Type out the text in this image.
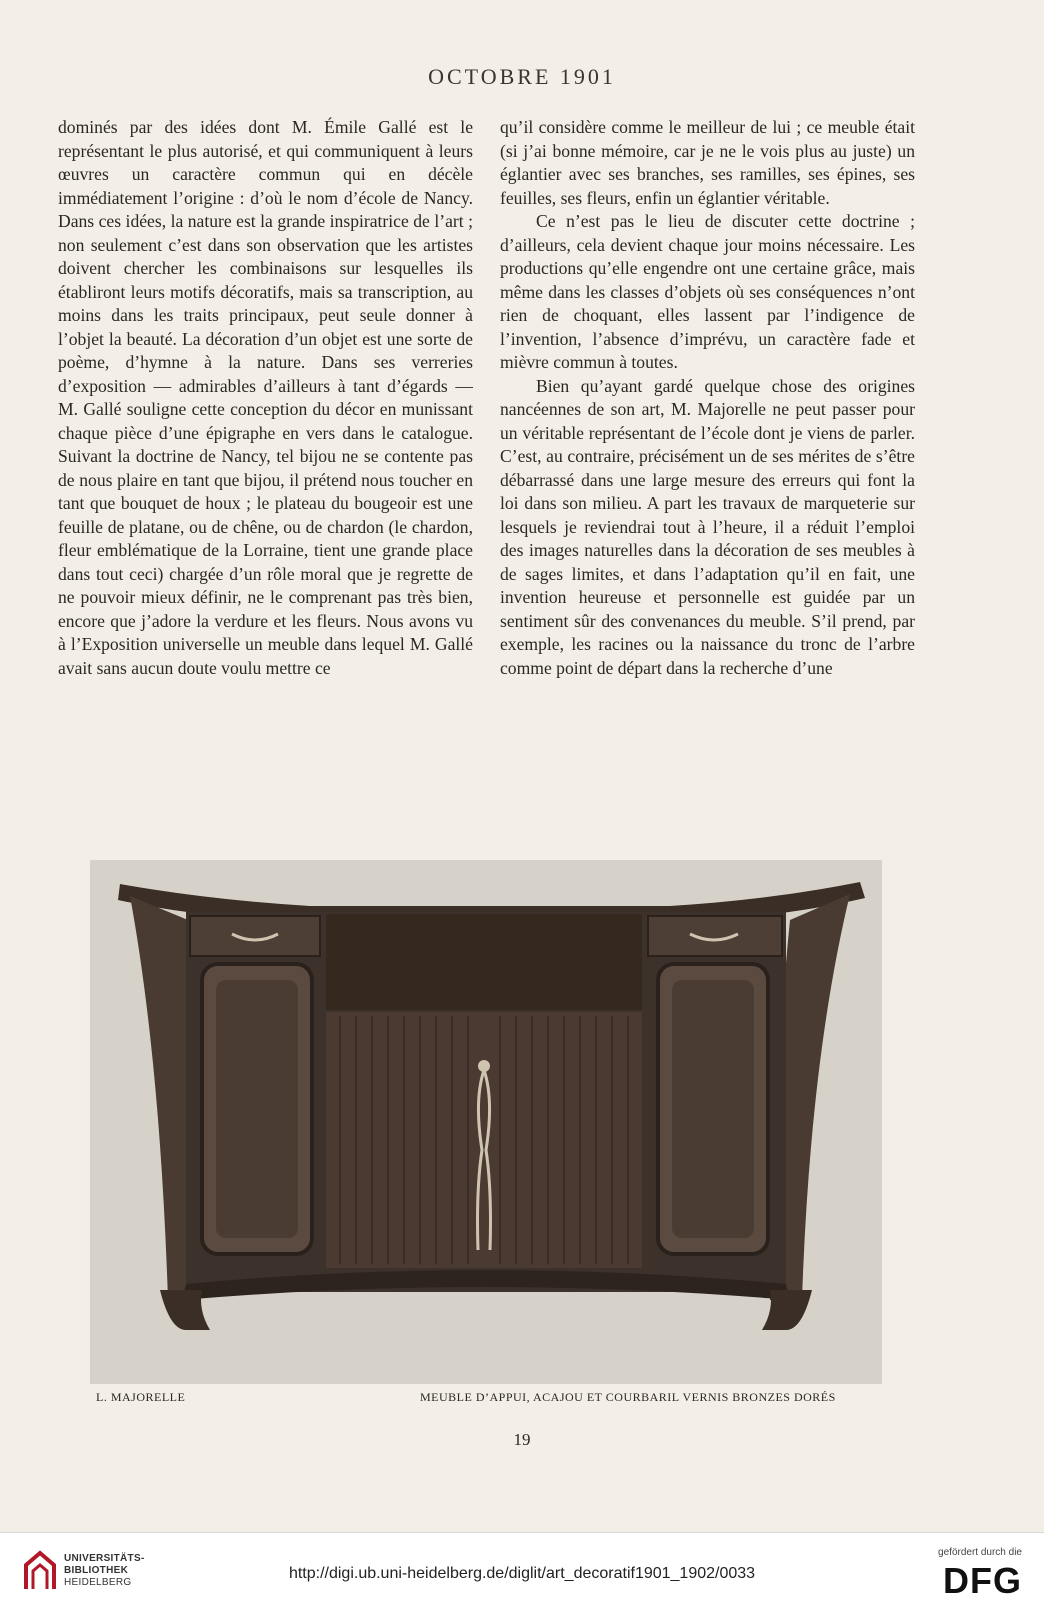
OCTOBRE 1901

dominés par des idées dont M. Émile Gallé est le représentant le plus autorisé, et qui communiquent à leurs œuvres un caractère commun qui en décèle immédiatement l’origine : d’où le nom d’école de Nancy. Dans ces idées, la nature est la grande inspiratrice de l’art ; non seulement c’est dans son observation que les artistes doivent chercher les combinaisons sur lesquelles ils établiront leurs motifs décoratifs, mais sa transcription, au moins dans les traits principaux, peut seule donner à l’objet la beauté. La décoration d’un objet est une sorte de poème, d’hymne à la nature. Dans ses verreries d’exposition — admirables d’ailleurs à tant d’égards — M. Gallé souligne cette conception du décor en munissant chaque pièce d’une épigraphe en vers dans le catalogue. Suivant la doctrine de Nancy, tel bijou ne se contente pas de nous plaire en tant que bijou, il prétend nous toucher en tant que bouquet de houx ; le plateau du bougeoir est une feuille de platane, ou de chêne, ou de chardon (le chardon, fleur emblématique de la Lorraine, tient une grande place dans tout ceci) chargée d’un rôle moral que je regrette de ne pouvoir mieux définir, ne le comprenant pas très bien, encore que j’adore la verdure et les fleurs. Nous avons vu à l’Exposition universelle un meuble dans lequel M. Gallé avait sans aucun doute voulu mettre ce

qu’il considère comme le meilleur de lui ; ce meuble était (si j’ai bonne mémoire, car je ne le vois plus au juste) un églantier avec ses branches, ses ramilles, ses épines, ses feuilles, ses fleurs, enfin un églantier véritable.

Ce n’est pas le lieu de discuter cette doctrine ; d’ailleurs, cela devient chaque jour moins nécessaire. Les productions qu’elle engendre ont une certaine grâce, mais même dans les classes d’objets où ses conséquences n’ont rien de choquant, elles lassent par l’indigence de l’invention, l’absence d’imprévu, un caractère fade et mièvre commun à toutes.

Bien qu’ayant gardé quelque chose des origines nancéennes de son art, M. Majorelle ne peut passer pour un véritable représentant de l’école dont je viens de parler. C’est, au contraire, précisément un de ses mérites de s’être débarrassé dans une large mesure des erreurs qui font la loi dans son milieu. A part les travaux de marqueterie sur lesquels je reviendrai tout à l’heure, il a réduit l’emploi des images naturelles dans la décoration de ses meubles à de sages limites, et dans l’adaptation qu’il en fait, une invention heureuse et personnelle est guidée par un sentiment sûr des convenances du meuble. S’il prend, par exemple, les racines ou la naissance du tronc de l’arbre comme point de départ dans la recherche d’une

L. MAJORELLE	MEUBLE D’APPUI, ACAJOU ET COURBARIL VERNIS BRONZES DORÉS
19
UNIVERSITÄTS-
BIBLIOTHEK
HEIDELBERG
http://digi.ub.uni-heidelberg.de/diglit/art_decoratif1901_1902/0033
gefördert durch die
DFG
